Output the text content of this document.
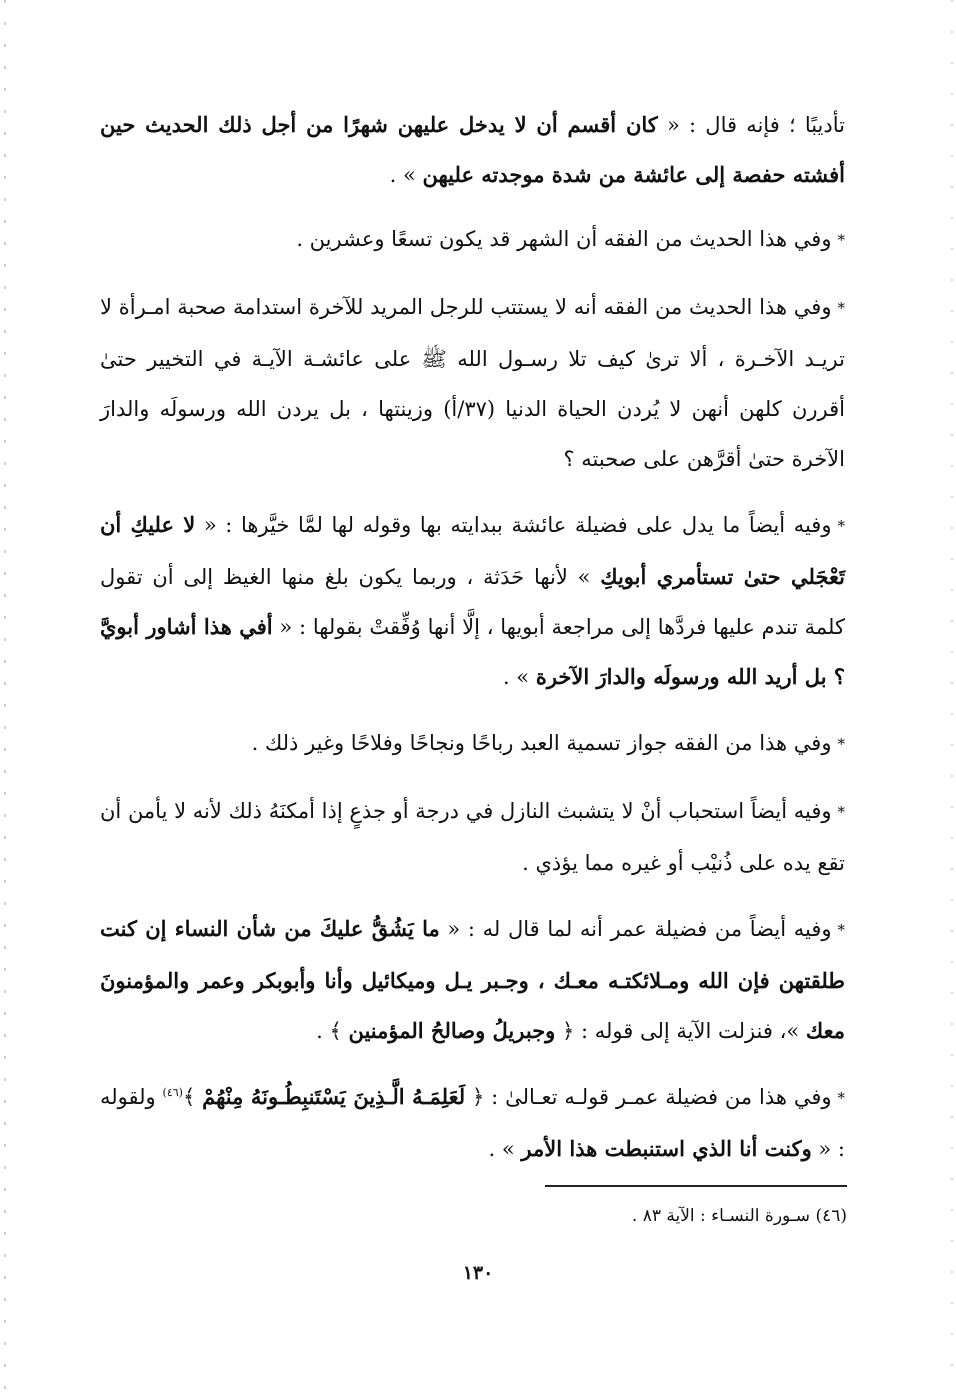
تأديبًا ؛ فإنه قال : « كان أقسم أن لا يدخل عليهن شهرًا من أجل ذلك الحديث حين أفشته حفصة إلى عائشة من شدة موجدته عليهن » .

*وفي هذا الحديث من الفقه أن الشهر قد يكون تسعًا وعشرين .

*وفي هذا الحديث من الفقه أنه لا يستتب للرجل المريد للآخرة استدامة صحبة امـرأة لا تريـد الآخـرة ، ألا ترىٰ كيف تلا رسـول الله ﷺ على عائشـة الآيـة في التخيير حتىٰ أقررن كلهن أنهن لا يُردن الحياة الدنيا (٣٧/أ) وزينتها ، بل يردن الله ورسولَه والدارَ الآخرة حتىٰ أقرَّهن على صحبته ؟

*وفيه أيضاً ما يدل على فضيلة عائشة ببدايته بها وقوله لها لمَّا خيَّرها : « لا عليكِ أن تَعْجَلي حتىٰ تستأمري أبويكِ » لأنها حَدَثة ، وربما يكون بلغ منها الغيظ إلى أن تقول كلمة تندم عليها فردَّها إلى مراجعة أبويها ، إلَّا أنها وُفِّقتْ بقولها : « أفي هذا أشاور أبويَّ ؟ بل أريد الله ورسولَه والدارَ الآخرة » .

*وفي هذا من الفقه جواز تسمية العبد رباحًا ونجاحًا وفلاحًا وغير ذلك .

*وفيه أيضاً استحباب أنْ لا يتشبث النازل في درجة أو جذعٍ إذا أمكنَهُ ذلك لأنه لا يأمن أن تقع يده على ذُنيْب أو غيره مما يؤذي .

*وفيه أيضاً من فضيلة عمر أنه لما قال له : « ما يَشُقُّ عليكَ من شأن النساء إن كنت طلقتهن فإن الله ومـلائكتـه معـك ، وجـبر يـل وميكائيل وأنا وأبوبكر وعمر والمؤمنونَ معك »، فنزلت الآية إلى قوله : ﴿ وجبريلُ وصالحُ المؤمنين ﴾ .

*وفي هذا من فضيلة عمـر قولـه تعـالىٰ : ﴿ لَعَلِمَـهُ الَّـذِينَ يَسْتَنبِطُـونَهُ مِنْهُمْ ﴾$^{(٤٦)}$ ولقوله : « وكنت أنا الذي استنبطت هذا الأمر » .

(٤٦) سـورة النسـاء : الآية ٨٣ .
١٣٠
